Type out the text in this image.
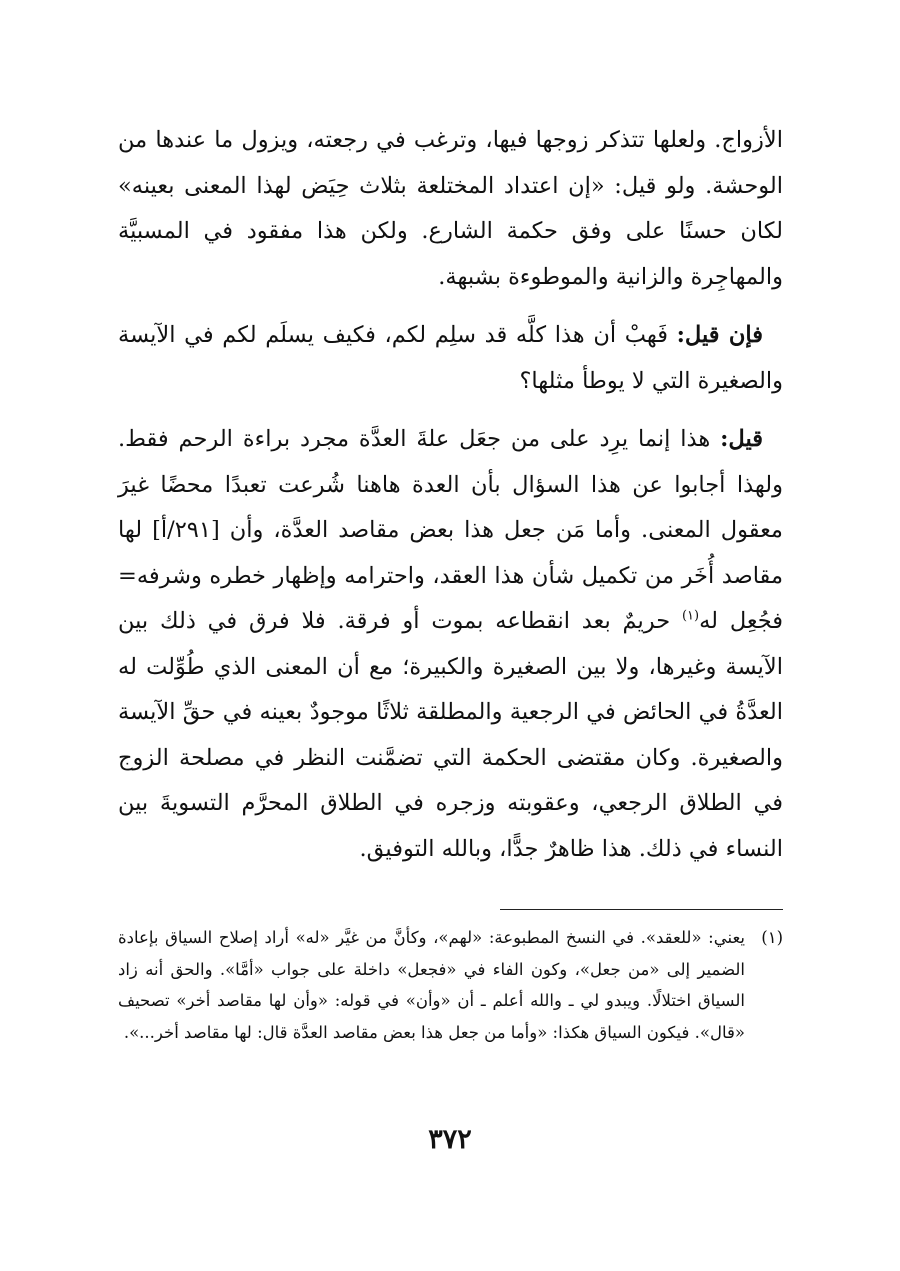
الأزواج. ولعلها تتذكر زوجها فيها، وترغب في رجعته، ويزول ما عندها من الوحشة. ولو قيل: «إن اعتداد المختلعة بثلاث حِيَض لهذا المعنى بعينه» لكان حسنًا على وفق حكمة الشارع. ولكن هذا مفقود في المسبيَّة والمهاجِرة والزانية والموطوءة بشبهة.

فإن قيل: فَهبْ أن هذا كلَّه قد سلِم لكم، فكيف يسلَم لكم في الآيسة والصغيرة التي لا يوطأ مثلها؟

قيل: هذا إنما يرِد على من جعَل علةَ العدَّة مجرد براءة الرحم فقط. ولهذا أجابوا عن هذا السؤال بأن العدة هاهنا شُرعت تعبدًا محضًا غيرَ معقول المعنى. وأما مَن جعل هذا بعض مقاصد العدَّة، وأن [٢٩١/أ] لها مقاصد أُخَر من تكميل شأن هذا العقد، واحترامه وإظهار خطره وشرفه= فجُعِل له$^{(١)}$ حريمٌ بعد انقطاعه بموت أو فرقة. فلا فرق في ذلك بين الآيسة وغيرها، ولا بين الصغيرة والكبيرة؛ مع أن المعنى الذي طُوِّلت له العدَّةُ في الحائض في الرجعية والمطلقة ثلاثًا موجودٌ بعينه في حقِّ الآيسة والصغيرة. وكان مقتضى الحكمة التي تضمَّنت النظر في مصلحة الزوج في الطلاق الرجعي، وعقوبته وزجره في الطلاق المحرَّم التسويةَ بين النساء في ذلك. هذا ظاهرٌ جدًّا، وبالله التوفيق.

(١)
يعني: «للعقد». في النسخ المطبوعة: «لهم»، وكأنَّ من غيَّر «له» أراد إصلاح السياق بإعادة الضمير إلى «من جعل»، وكون الفاء في «فجعل» داخلة على جواب «أمَّا». والحق أنه زاد السياق اختلالًا. ويبدو لي ـ والله أعلم ـ أن «وأن» في قوله: «وأن لها مقاصد أخر» تصحيف «قال». فيكون السياق هكذا: «وأما من جعل هذا بعض مقاصد العدَّة قال: لها مقاصد أخر...».
٣٧٢
